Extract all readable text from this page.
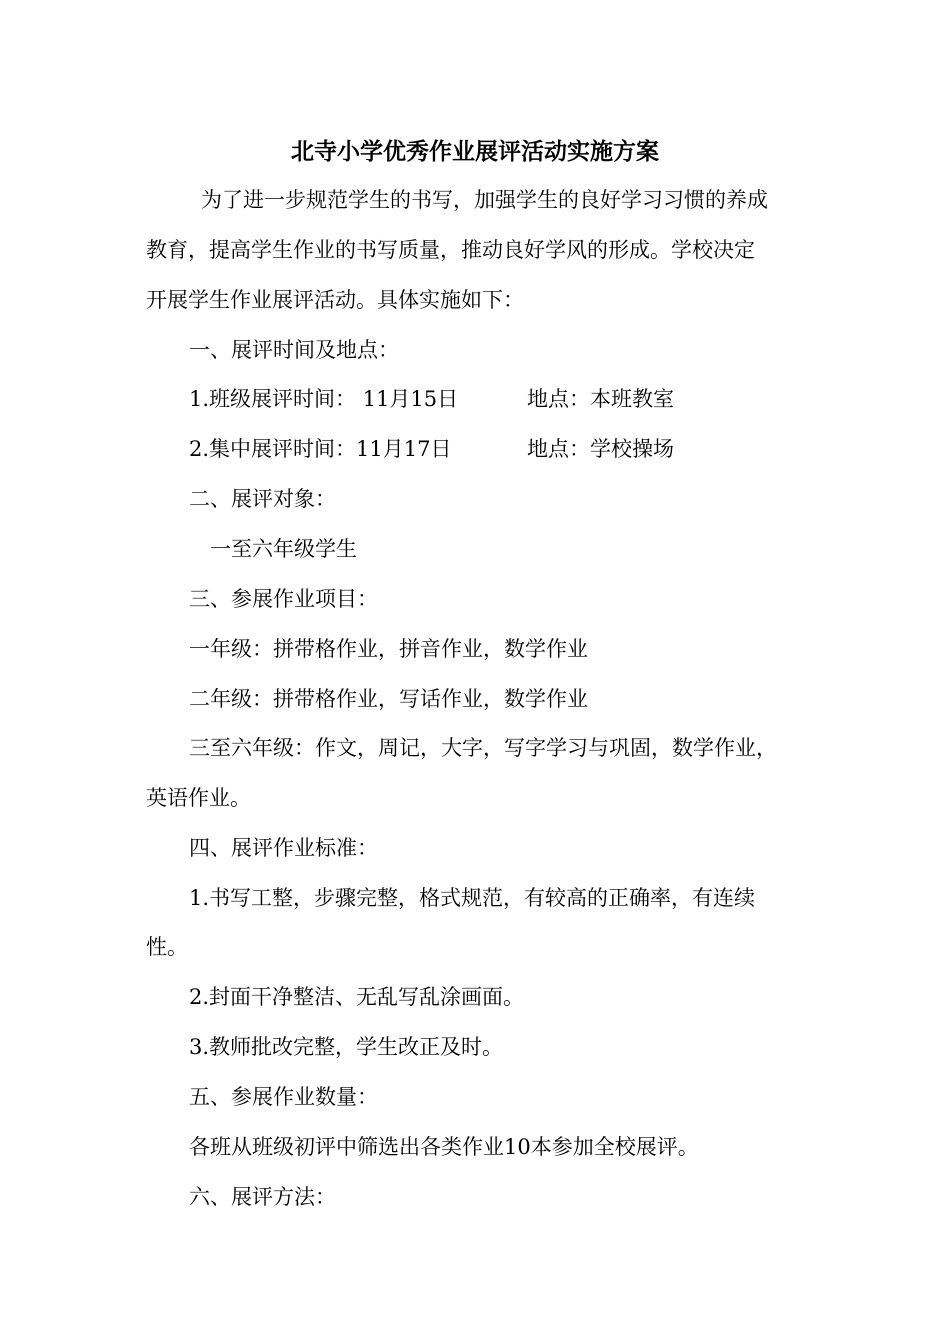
北寺小学优秀作业展评活动实施方案
为了进一步规范学生的书写，加强学生的良好学习习惯的养成
教育，提高学生作业的书写质量，推动良好学风的形成。学校决定
开展学生作业展评活动。具体实施如下：
一、展评时间及地点：
1.班级展评时间： 11月15日	地点：本班教室
2.集中展评时间：11月17日	地点：学校操场
二、展评对象：
一至六年级学生
三、参展作业项目：
一年级：拼带格作业，拼音作业，数学作业
二年级：拼带格作业，写话作业，数学作业
三至六年级：作文，周记，大字，写字学习与巩固，数学作业，
英语作业。
四、展评作业标准：
1.书写工整，步骤完整，格式规范，有较高的正确率，有连续
性。
2.封面干净整洁、无乱写乱涂画面。
3.教师批改完整，学生改正及时。
五、参展作业数量：
各班从班级初评中筛选出各类作业10本参加全校展评。
六、展评方法：
